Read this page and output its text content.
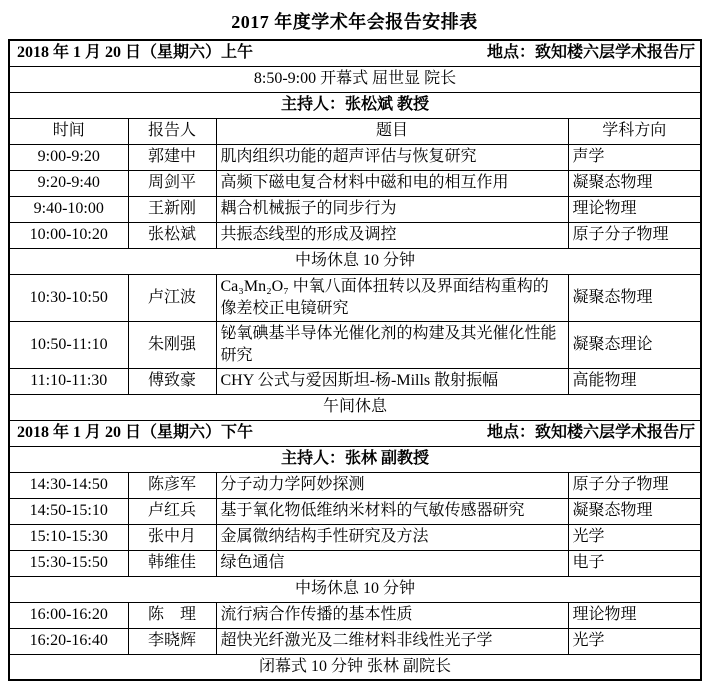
2017 年度学术年会报告安排表
2018 年 1 月 20 日（星期六）上午 地点：致知楼六层学术报告厅			

8:50-9:00 开幕式 屈世显 院长			
主持人：张松斌 教授			
时间	报告人	题目	学科方向
9:00-9:20	郭建中	肌肉组织功能的超声评估与恢复研究	声学
9:20-9:40	周剑平	高频下磁电复合材料中磁和电的相互作用	凝聚态物理
9:40-10:00	王新刚	耦合机械振子的同步行为	理论物理
10:00-10:20	张松斌	共振态线型的形成及调控	原子分子物理
中场休息 10 分钟			
10:30-10:50	卢江波	Ca₃Mn₂O₇ 中氧八面体扭转以及界面结构重构的像差校正电镜研究	凝聚态物理
10:50-11:10	朱刚强	铋氧碘基半导体光催化剂的构建及其光催化性能研究	凝聚态理论
11:10-11:30	傅致豪	CHY 公式与爱因斯坦-杨-Mills 散射振幅	高能物理
午间休息			

2018 年 1 月 20 日（星期六）下午 地点：致知楼六层学术报告厅			

主持人：张林 副教授			
14:30-14:50	陈彦军	分子动力学阿妙探测	原子分子物理
14:50-15:10	卢红兵	基于氧化物低维纳米材料的气敏传感器研究	凝聚态物理
15:10-15:30	张中月	金属微纳结构手性研究及方法	光学
15:30-15:50	韩维佳	绿色通信	电子
中场休息 10 分钟			
16:00-16:20	陈　理	流行病合作传播的基本性质	理论物理
16:20-16:40	李晓辉	超快光纤激光及二维材料非线性光子学	光学
闭幕式 10 分钟 张林 副院长			
